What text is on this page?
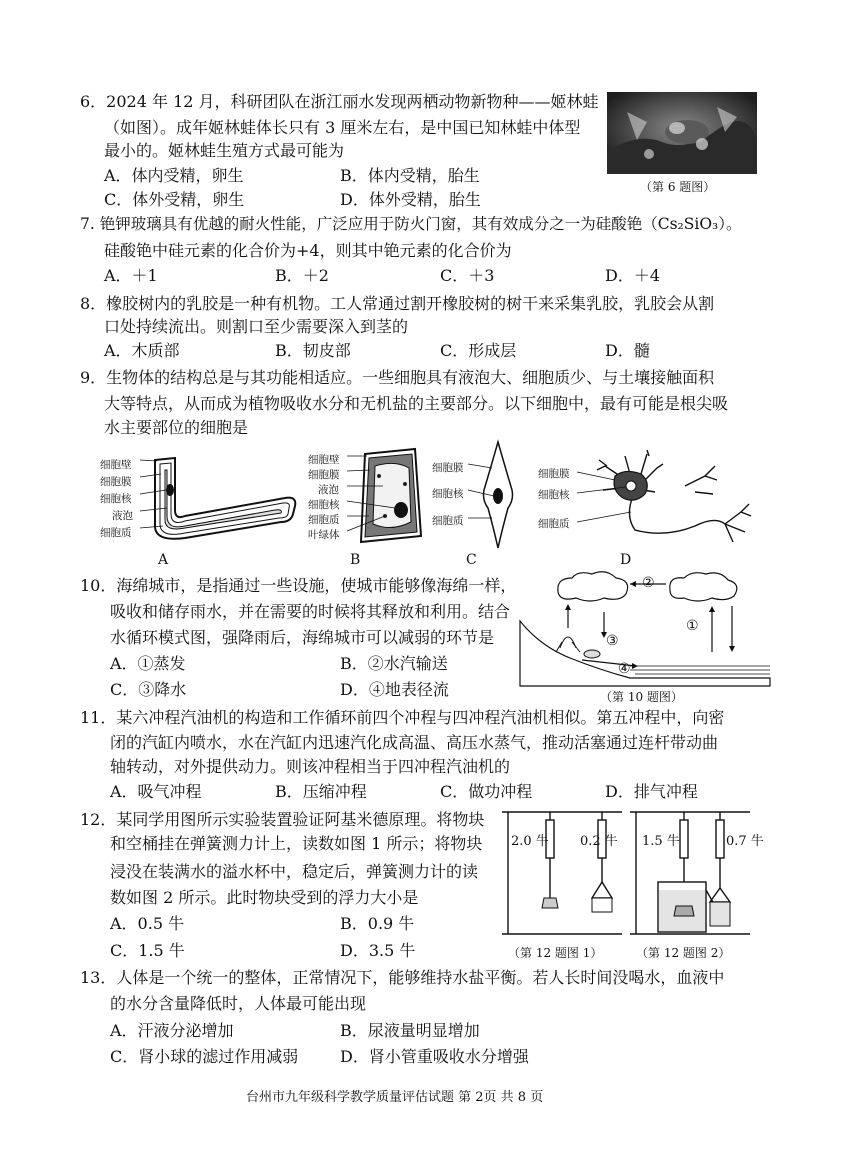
6．2024 年 12 月，科研团队在浙江丽水发现两栖动物新物种——姬林蛙
（如图）。成年姬林蛙体长只有 3 厘米左右，是中国已知林蛙中体型
最小的。姬林蛙生殖方式最可能为
A．体内受精，卵生	B．体内受精，胎生
C．体外受精，卵生	D．体外受精，胎生
（第 6 题图）
7. 铯钾玻璃具有优越的耐火性能，广泛应用于防火门窗，其有效成分之一为硅酸铯（Cs₂SiO₃）。
硅酸铯中硅元素的化合价为+4，则其中铯元素的化合价为
A．＋1	B．＋2	C．＋3	D．＋4
8．橡胶树内的乳胶是一种有机物。工人常通过割开橡胶树的树干来采集乳胶，乳胶会从割
口处持续流出。则割口至少需要深入到茎的
A．木质部	B．韧皮部	C．形成层	D．髓
9．生物体的结构总是与其功能相适应。一些细胞具有液泡大、细胞质少、与土壤接触面积
大等特点，从而成为植物吸收水分和无机盐的主要部分。以下细胞中，最有可能是根尖吸
水主要部位的细胞是
细胞壁
细胞膜
细胞核
液泡
细胞质
A
细胞壁
细胞膜
液泡
细胞核
细胞质
叶绿体
B
细胞膜
细胞核
细胞质
C
细胞膜
细胞核
细胞质
D
10．海绵城市，是指通过一些设施，使城市能够像海绵一样，
吸收和储存雨水，并在需要的时候将其释放和利用。结合
水循环模式图，强降雨后，海绵城市可以减弱的环节是
A．①蒸发	B．②水汽输送
C．③降水	D．④地表径流
②
③
①
④
（第 10 题图）
11．某六冲程汽油机的构造和工作循环前四个冲程与四冲程汽油机相似。第五冲程中，向密
闭的汽缸内喷水，水在汽缸内迅速汽化成高温、高压水蒸气，推动活塞通过连杆带动曲
轴转动，对外提供动力。则该冲程相当于四冲程汽油机的
A．吸气冲程	B．压缩冲程	C．做功冲程	D．排气冲程
12．某同学用图所示实验装置验证阿基米德原理。将物块
和空桶挂在弹簧测力计上，读数如图 1 所示；将物块
浸没在装满水的溢水杯中，稳定后，弹簧测力计的读
数如图 2 所示。此时物块受到的浮力大小是
A．0.5 牛	B．0.9 牛
C．1.5 牛	D．3.5 牛
2.0 牛 0.2 牛
（第 12 题图 1）
1.5 牛	0.7 牛
（第 12 题图 2）
13．人体是一个统一的整体，正常情况下，能够维持水盐平衡。若人长时间没喝水，血液中
的水分含量降低时，人体最可能出现
A．汗液分泌增加	B．尿液量明显增加
C．肾小球的滤过作用减弱	D．肾小管重吸收水分增强
台州市九年级科学教学质量评估试题 第 2页 共 8 页
